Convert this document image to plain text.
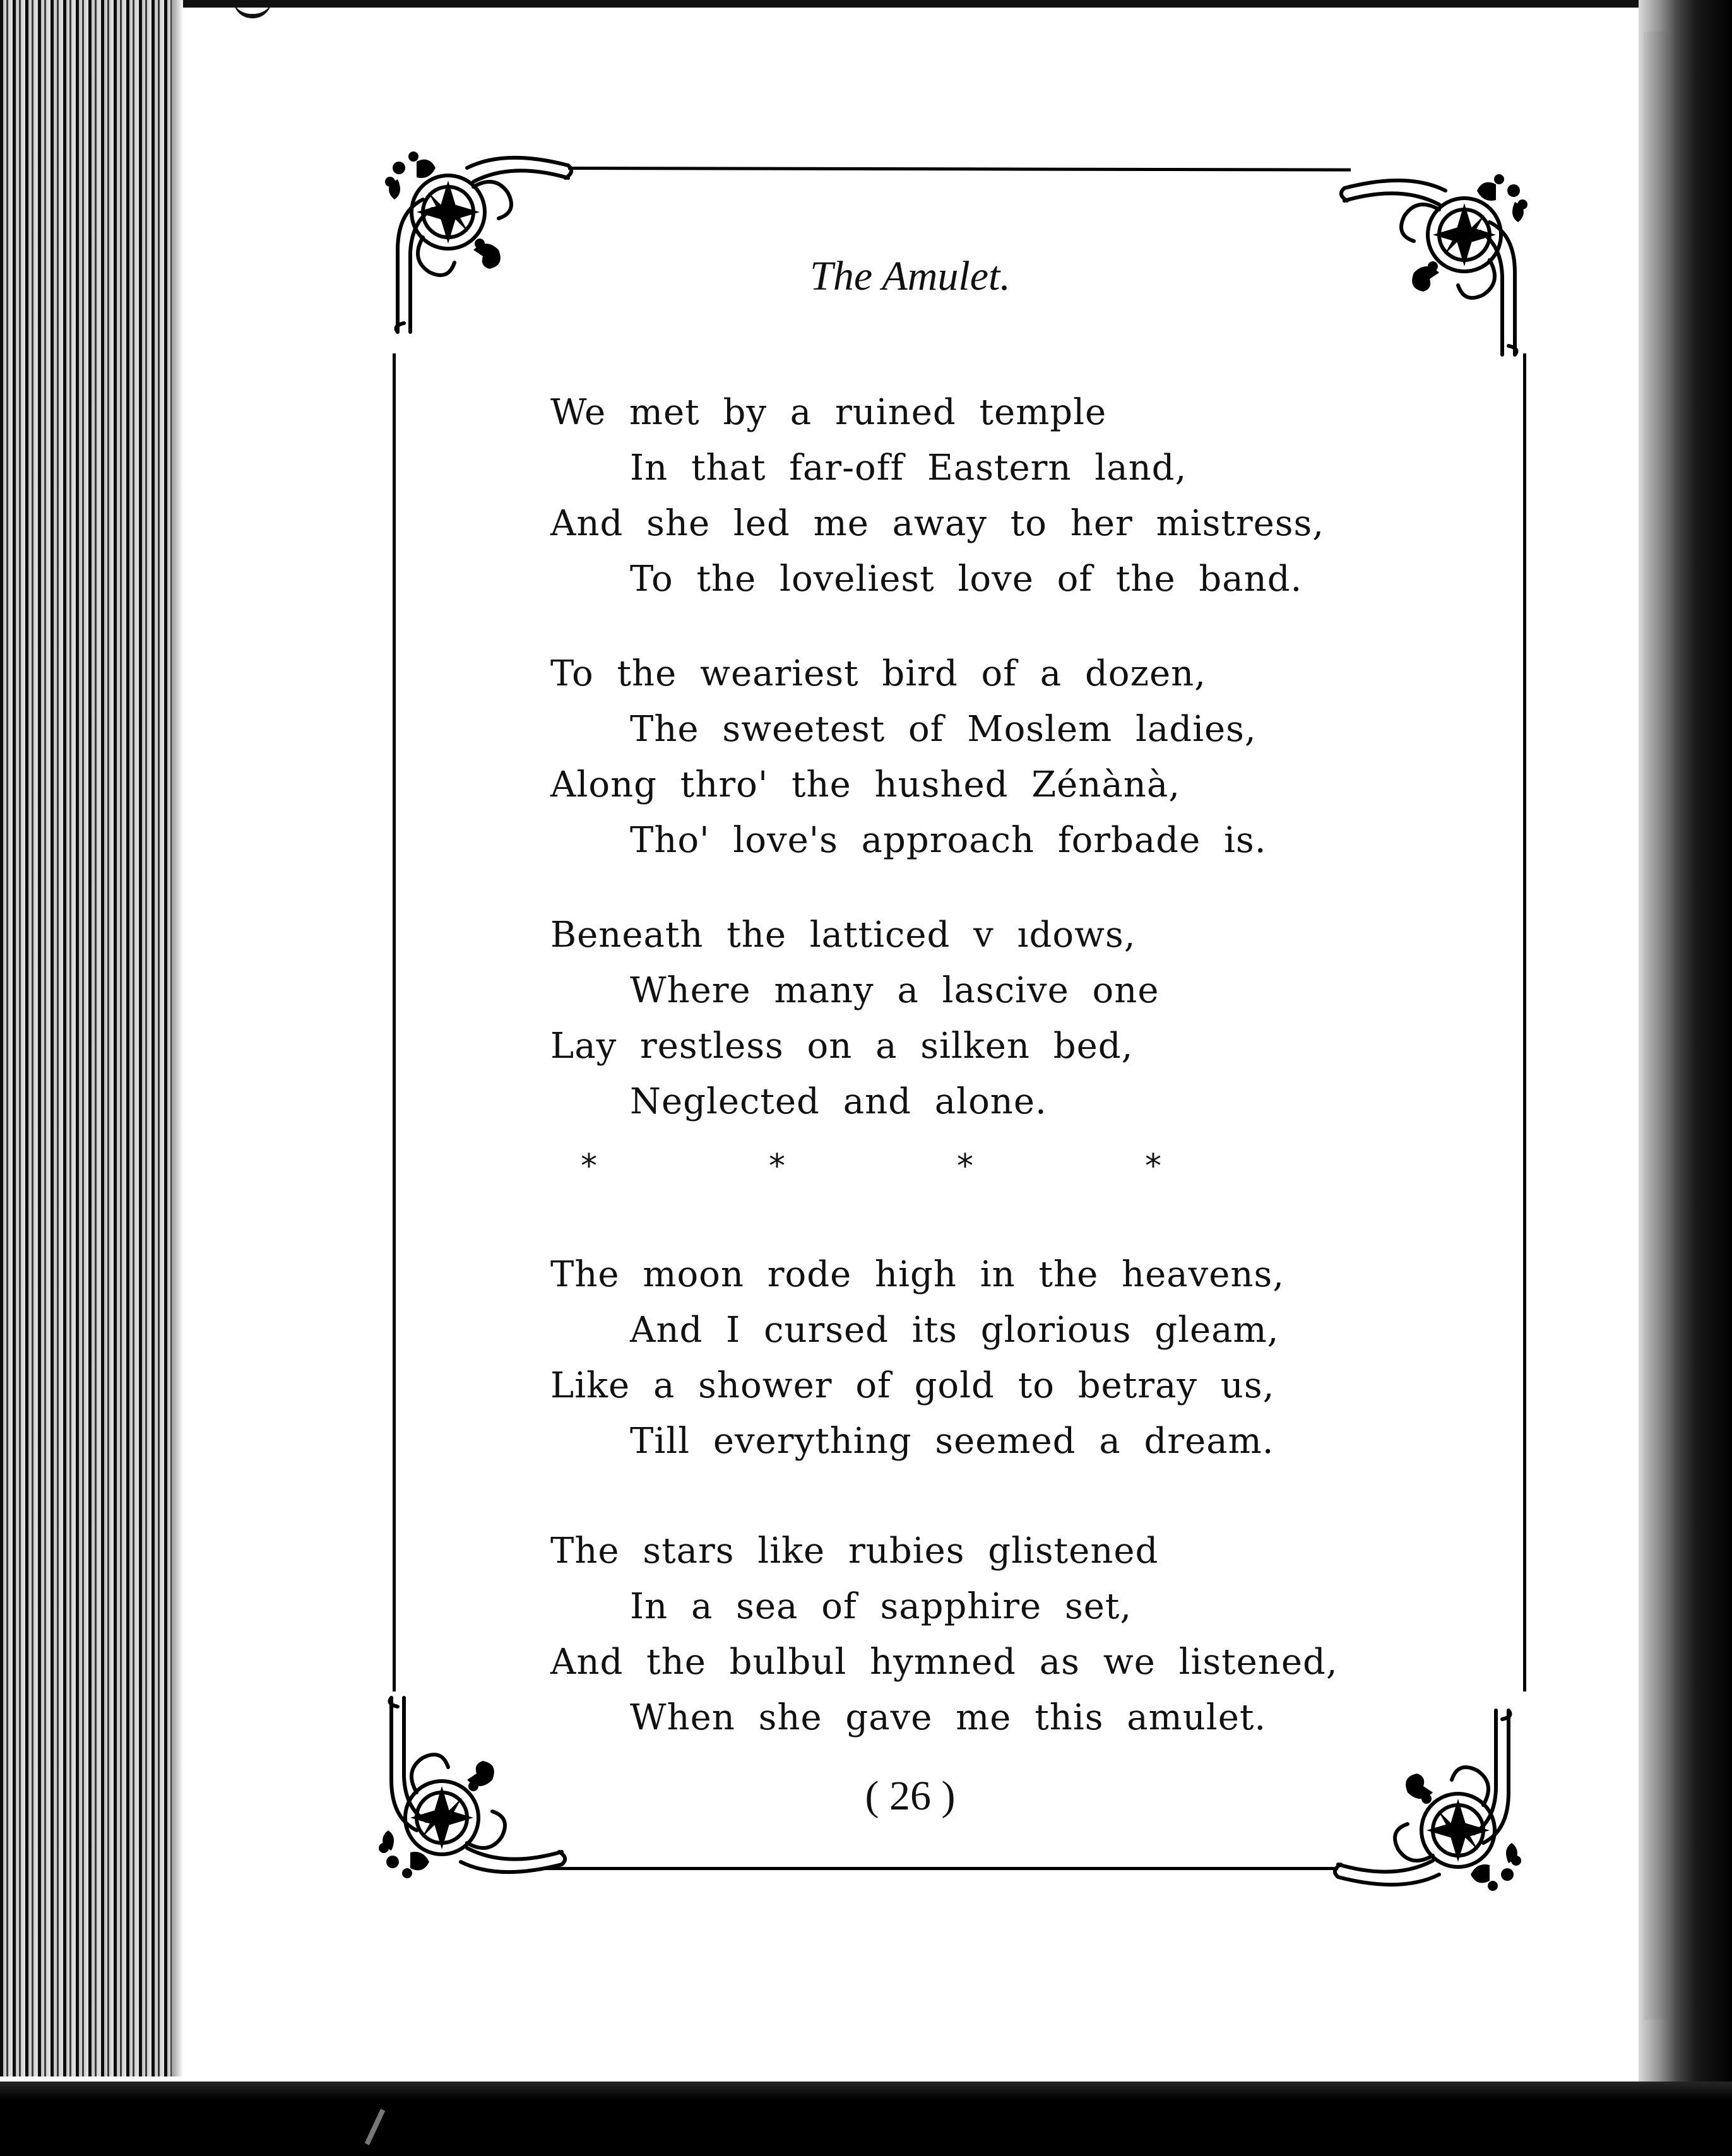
The Amulet.
We met by a ruined temple
In that far-off Eastern land,
And she led me away to her mistress,
To the loveliest love of the band.
To the weariest bird of a dozen,
The sweetest of Moslem ladies,
Along thro' the hushed Zénànà,
Tho' love's approach forbade is.
Beneath the latticed v ıdows,
Where many a lascive one
Lay restless on a silken bed,
Neglected and alone.
The moon rode high in the heavens,
And I cursed its glorious gleam,
Like a shower of gold to betray us,
Till everything seemed a dream.
The stars like rubies glistened
In a sea of sapphire set,
And the bulbul hymned as we listened,
When she gave me this amulet.
*	*	*	*
( 26 )
